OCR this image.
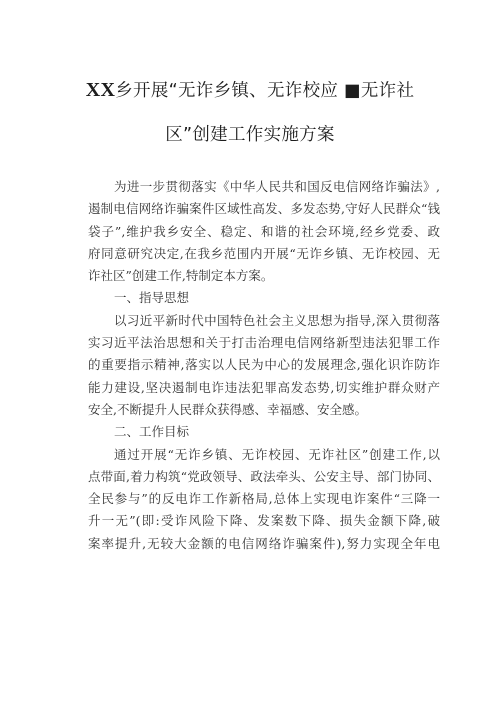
XX乡开展“无诈乡镇、无诈校应 ■无诈社
区”创建工作实施方案
为进一步贯彻落实《中华人民共和国反电信网络诈骗法》,
遏制电信网络诈骗案件区域性高发、多发态势,守好人民群众“钱
袋子”,维护我乡安全、稳定、和谐的社会环境,经乡党委、政
府同意研究决定,在我乡范围内开展“无诈乡镇、无诈校园、无
诈社区”创建工作,特制定本方案。
一、指导思想
以习近平新时代中国特色社会主义思想为指导,深入贯彻落
实习近平法治思想和关于打击治理电信网络新型违法犯罪工作
的重要指示精神,落实以人民为中心的发展理念,强化识诈防诈
能力建设,坚决遏制电诈违法犯罪高发态势,切实维护群众财产
安全,不断提升人民群众获得感、幸福感、安全感。
二、工作目标
通过开展“无诈乡镇、无诈校园、无诈社区”创建工作,以
点带面,着力构筑“党政领导、政法牵头、公安主导、部门协同、
全民参与”的反电诈工作新格局,总体上实现电诈案件“三降一
升一无”(即:受诈风险下降、发案数下降、损失金额下降,破
案率提升,无较大金额的电信网络诈骗案件),努力实现全年电
